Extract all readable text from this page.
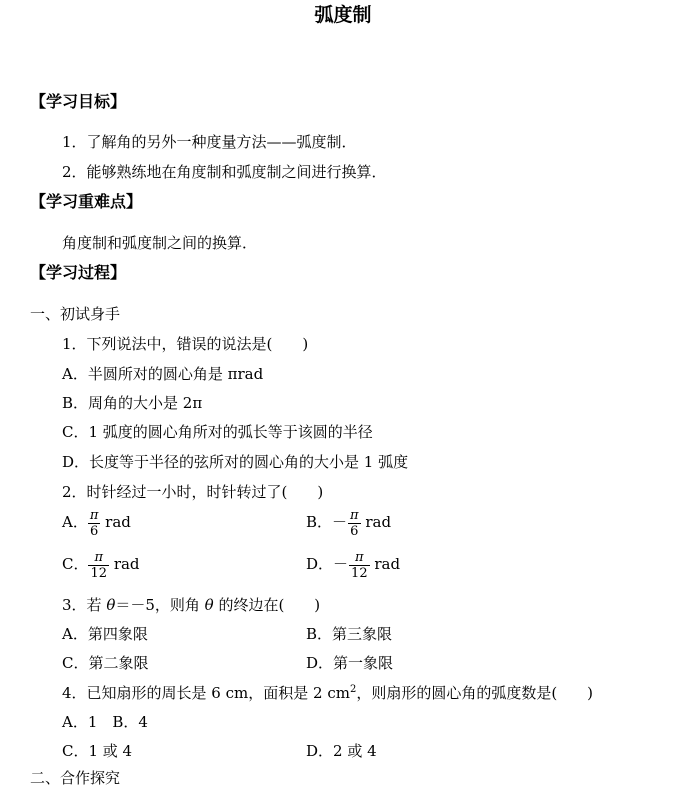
弧度制
【学习目标】
1．了解角的另外一种度量方法——弧度制．
2．能够熟练地在角度制和弧度制之间进行换算．
【学习重难点】
角度制和弧度制之间的换算．
【学习过程】
一、初试身手
1．下列说法中，错误的说法是(　　)
A．半圆所对的圆心角是 πrad
B．周角的大小是 2π
C．1 弧度的圆心角所对的弧长等于该圆的半径
D．长度等于半径的弦所对的圆心角的大小是 1 弧度
2．时针经过一小时，时针转过了(　　)
A． $\frac{\pi}{6}$ rad	B．－ $\frac{\pi}{6}$ rad
C． $\frac{\pi}{12}$ rad	D．－ $\frac{\pi}{12}$ rad
3．若 θ＝－5，则角 θ 的终边在(　　)
A．第四象限	B．第三象限
C．第二象限	D．第一象限
4．已知扇形的周长是 6 cm，面积是 2 $cm^2$，则扇形的圆心角的弧度数是(　　)
A．1　B．4
C．1 或 4	D．2 或 4
二、合作探究
